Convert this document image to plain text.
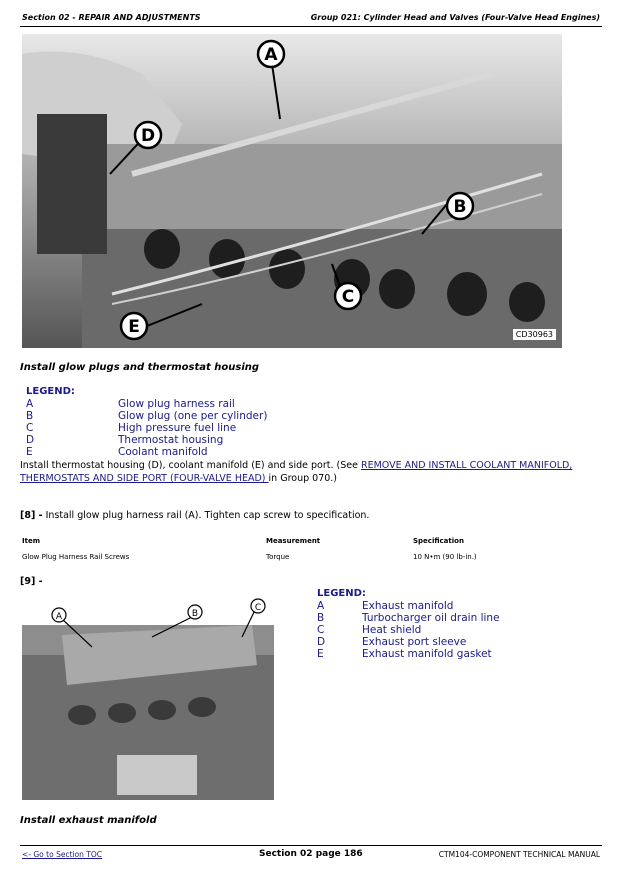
Section 02 - REPAIR AND ADJUSTMENTS	Group 021: Cylinder Head and Valves (Four-Valve Head Engines)
A
D
B
C
E	CD30963
Install glow plugs and thermostat housing
LEGEND:
A	Glow plug harness rail
B	Glow plug (one per cylinder)
C	High pressure fuel line
D	Thermostat housing
E	Coolant manifold
Install thermostat housing (D), coolant manifold (E) and side port. (See REMOVE AND INSTALL COOLANT MANIFOLD,
THERMOSTATS AND SIDE PORT (FOUR-VALVE HEAD) in Group 070.)
[8] - Install glow plug harness rail (A). Tighten cap screw to specification.
Item	Measurement	Specification
Glow Plug Harness Rail Screws	Torque	10 N•m (90 lb-in.)
[9] -
A	B
C
LEGEND:
A	Exhaust manifold
B	Turbocharger oil drain line
C	Heat shield
D	Exhaust port sleeve
E	Exhaust manifold gasket
Install exhaust manifold
<- Go to Section TOC	Section 02 page 186	CTM104-COMPONENT TECHNICAL MANUAL
